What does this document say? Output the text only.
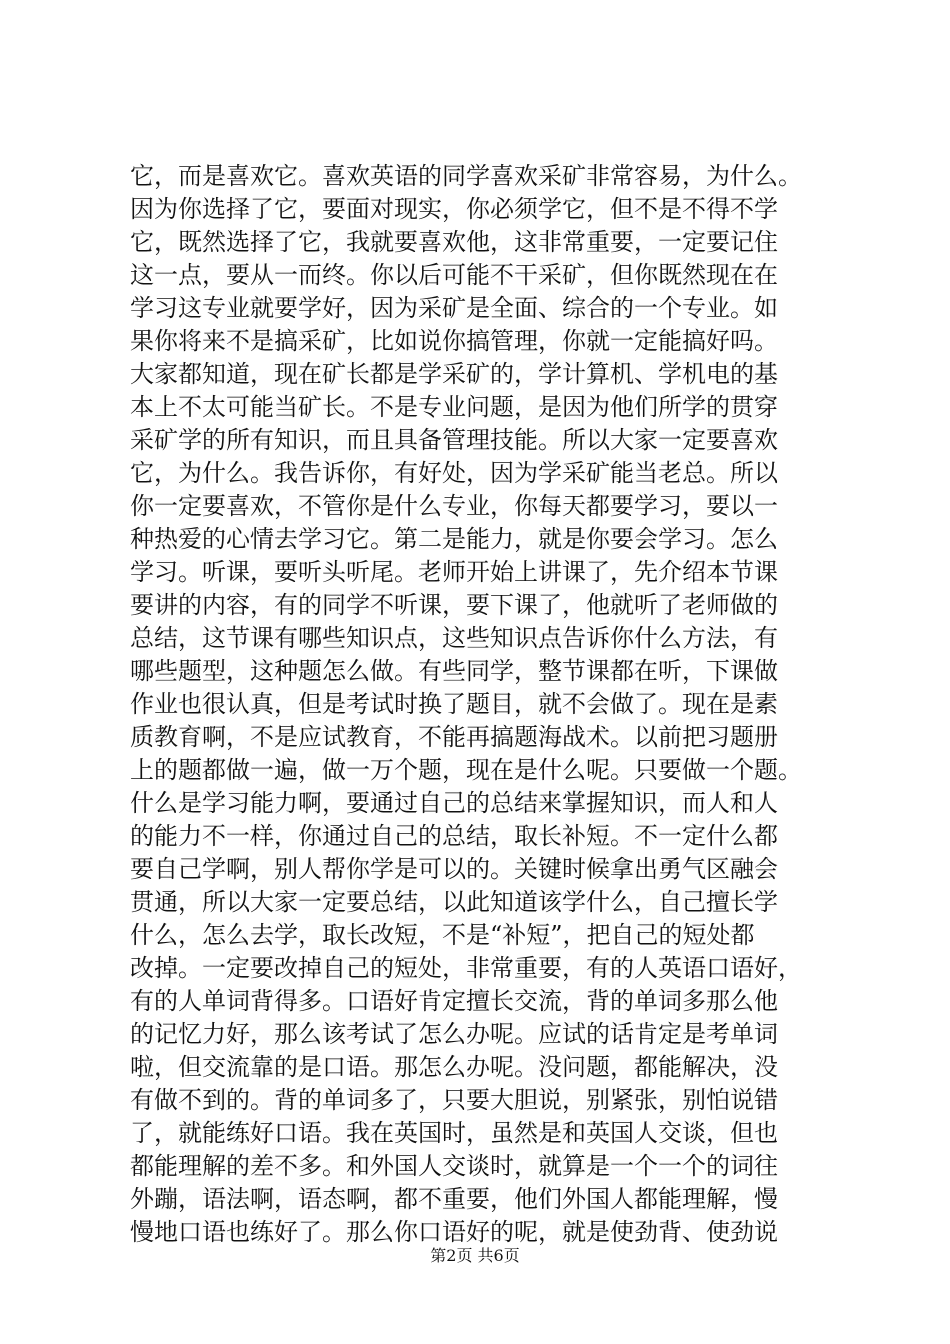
它，而是喜欢它。喜欢英语的同学喜欢采矿非常容易，为什么。
因为你选择了它，要面对现实，你必须学它，但不是不得不学
它，既然选择了它，我就要喜欢他，这非常重要，一定要记住
这一点，要从一而终。你以后可能不干采矿，但你既然现在在
学习这专业就要学好，因为采矿是全面、综合的一个专业。如
果你将来不是搞采矿，比如说你搞管理，你就一定能搞好吗。
大家都知道，现在矿长都是学采矿的，学计算机、学机电的基
本上不太可能当矿长。不是专业问题，是因为他们所学的贯穿
采矿学的所有知识，而且具备管理技能。所以大家一定要喜欢
它，为什么。我告诉你，有好处，因为学采矿能当老总。所以
你一定要喜欢，不管你是什么专业，你每天都要学习，要以一
种热爱的心情去学习它。第二是能力，就是你要会学习。怎么
学习。听课，要听头听尾。老师开始上讲课了，先介绍本节课
要讲的内容，有的同学不听课，要下课了，他就听了老师做的
总结，这节课有哪些知识点，这些知识点告诉你什么方法，有
哪些题型，这种题怎么做。有些同学，整节课都在听，下课做
作业也很认真，但是考试时换了题目，就不会做了。现在是素
质教育啊，不是应试教育，不能再搞题海战术。以前把习题册
上的题都做一遍，做一万个题，现在是什么呢。只要做一个题。
什么是学习能力啊，要通过自己的总结来掌握知识，而人和人
的能力不一样，你通过自己的总结，取长补短。不一定什么都
要自己学啊，别人帮你学是可以的。关键时候拿出勇气区融会
贯通，所以大家一定要总结，以此知道该学什么，自己擅长学
什么，怎么去学，取长改短，不是“补短”，把自己的短处都
改掉。一定要改掉自己的短处，非常重要，有的人英语口语好，
有的人单词背得多。口语好肯定擅长交流，背的单词多那么他
的记忆力好，那么该考试了怎么办呢。应试的话肯定是考单词
啦，但交流靠的是口语。那怎么办呢。没问题，都能解决，没
有做不到的。背的单词多了，只要大胆说，别紧张，别怕说错
了，就能练好口语。我在英国时，虽然是和英国人交谈，但也
都能理解的差不多。和外国人交谈时，就算是一个一个的词往
外蹦，语法啊，语态啊，都不重要，他们外国人都能理解，慢
慢地口语也练好了。那么你口语好的呢，就是使劲背、使劲说
第2页 共6页
